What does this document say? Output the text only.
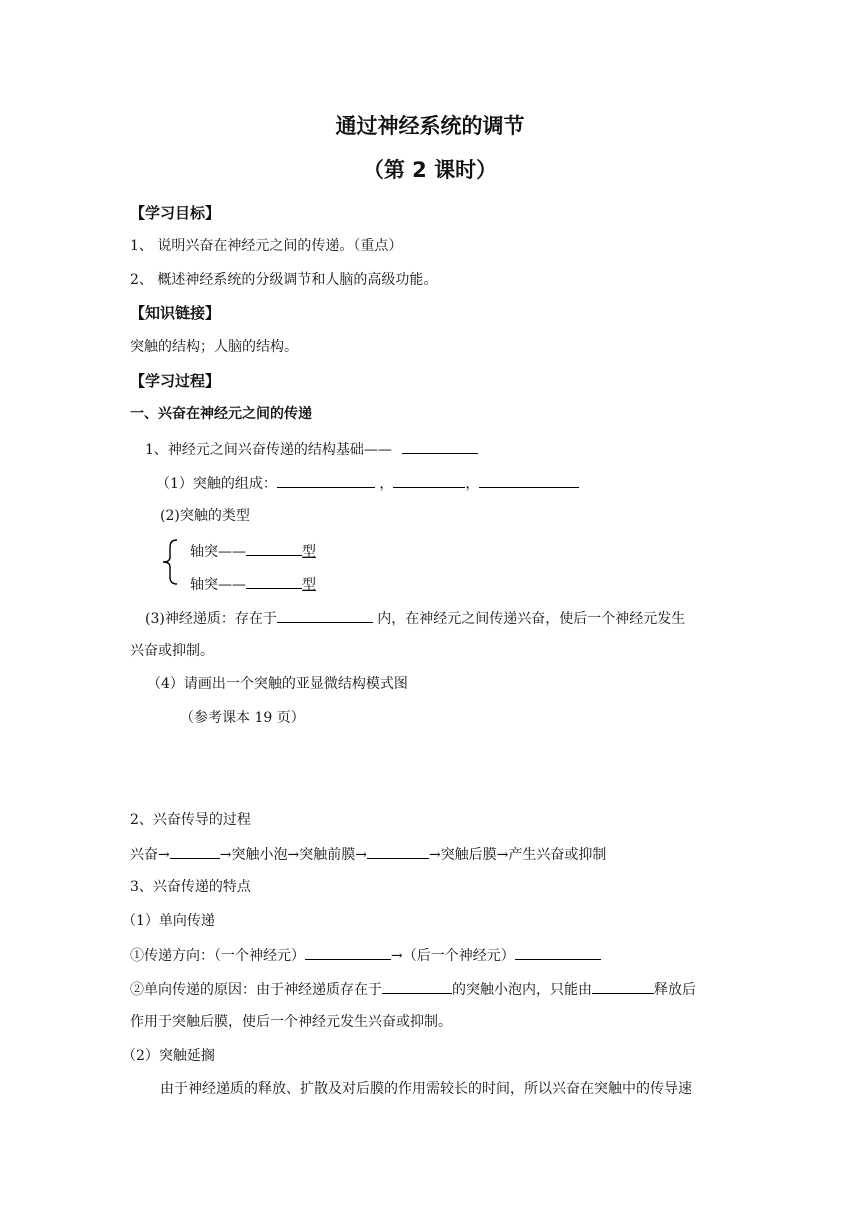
通过神经系统的调节
（第 2 课时）
【学习目标】
1、 说明兴奋在神经元之间的传递。（重点）
2、 概述神经系统的分级调节和人脑的高级功能。
【知识链接】
突触的结构；人脑的结构。
【学习过程】
一、兴奋在神经元之间的传递
1、神经元之间兴奋传递的结构基础——
（1）突触的组成：	，	，
(2)突触的类型
轴突——	型
轴突——	型
(3)神经递质：存在于	内，在神经元之间传递兴奋，使后一个神经元发生
兴奋或抑制。
（4）请画出一个突触的亚显微结构模式图
（参考课本 19 页）
2、兴奋传导的过程
兴奋→	→突触小泡→突触前膜→	→突触后膜→产生兴奋或抑制
3、兴奋传递的特点
（1）单向传递
①传递方向：（一个神经元）	→（后一个神经元）
②单向传递的原因：由于神经递质存在于	的突触小泡内，只能由	释放后
作用于突触后膜，使后一个神经元发生兴奋或抑制。
（2）突触延搁
由于神经递质的释放、扩散及对后膜的作用需较长的时间，所以兴奋在突触中的传导速
